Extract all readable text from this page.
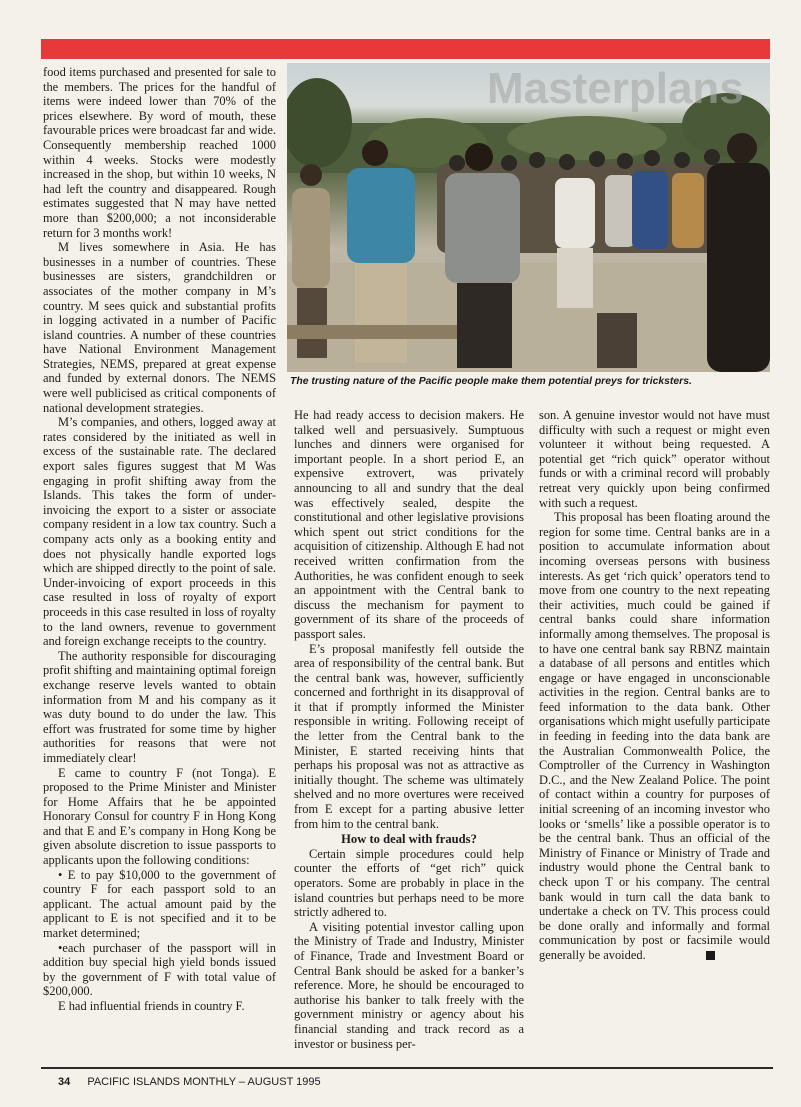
Masterplans
The trusting nature of the Pacific people make them potential preys for tricksters.

food items purchased and presented for sale to the members. The prices for the handful of items were indeed lower than 70% of the prices elsewhere. By word of mouth, these favourable prices were broadcast far and wide. Consequently membership reached 1000 within 4 weeks. Stocks were modestly increased in the shop, but within 10 weeks, N had left the country and disappeared. Rough estimates suggested that N may have netted more than $200,000; a not inconsiderable return for 3 months work!

M lives somewhere in Asia. He has businesses in a number of countries. These businesses are sisters, grandchildren or associates of the mother company in M’s country. M sees quick and substantial profits in logging activated in a number of Pacific island countries. A number of these countries have National Environment Management Strategies, NEMS, prepared at great expense and funded by external donors. The NEMS were well publicised as critical components of national development strategies.

M’s companies, and others, logged away at rates considered by the initiated as well in excess of the sustainable rate. The declared export sales figures suggest that M Was engaging in profit shifting away from the Islands. This takes the form of under-invoicing the export to a sister or associate company resident in a low tax country. Such a company acts only as a booking entity and does not physically handle exported logs which are shipped directly to the point of sale. Under-invoicing of export proceeds in this case resulted in loss of royalty of export proceeds in this case resulted in loss of royalty to the land owners, revenue to government and foreign exchange receipts to the country.

The authority responsible for discouraging profit shifting and maintaining optimal foreign exchange reserve levels wanted to obtain information from M and his company as it was duty bound to do under the law. This effort was frustrated for some time by higher authorities for reasons that were not immediately clear!

E came to country F (not Tonga). E proposed to the Prime Minister and Minister for Home Affairs that he be appointed Honorary Consul for country F in Hong Kong and that E and E’s company in Hong Kong be given absolute discretion to issue passports to applicants upon the following conditions:

• E to pay $10,000 to the government of country F for each passport sold to an applicant. The actual amount paid by the applicant to E is not specified and it to be market determined;

•each purchaser of the passport will in addition buy special high yield bonds issued by the government of F with total value of $200,000.

E had influential friends in country F.

He had ready access to decision makers. He talked well and persuasively. Sumptuous lunches and dinners were organised for important people. In a short period E, an expensive extrovert, was privately announcing to all and sundry that the deal was effectively sealed, despite the constitutional and other legislative provisions which spent out strict conditions for the acquisition of citizenship. Although E had not received written confirmation from the Authorities, he was confident enough to seek an appointment with the Central bank to discuss the mechanism for payment to government of its share of the proceeds of passport sales.

E’s proposal manifestly fell outside the area of responsibility of the central bank. But the central bank was, however, sufficiently concerned and forthright in its disapproval of it that if promptly informed the Minister responsible in writing. Following receipt of the letter from the Central bank to the Minister, E started receiving hints that perhaps his proposal was not as attractive as initially thought. The scheme was ultimately shelved and no more overtures were received from E except for a parting abusive letter from him to the central bank.

How to deal with frauds?

Certain simple procedures could help counter the efforts of “get rich” quick operators. Some are probably in place in the island countries but perhaps need to be more strictly adhered to.

A visiting potential investor calling upon the Ministry of Trade and Industry, Minister of Finance, Trade and Investment Board or Central Bank should be asked for a banker’s reference. More, he should be encouraged to authorise his banker to talk freely with the government ministry or agency about his financial standing and track record as a investor or business per-

son. A genuine investor would not have must difficulty with such a request or might even volunteer it without being requested. A potential get “rich quick” operator without funds or with a criminal record will probably retreat very quickly upon being confirmed with such a request.

This proposal has been floating around the region for some time. Central banks are in a position to accumulate information about incoming overseas persons with business interests. As get ‘rich quick’ operators tend to move from one country to the next repeating their activities, much could be gained if central banks could share information informally among themselves. The proposal is to have one central bank say RBNZ maintain a database of all persons and entitles which engage or have engaged in unconscionable activities in the region. Central banks are to feed information to the data bank. Other organisations which might usefully participate in feeding in feeding into the data bank are the Australian Commonwealth Police, the Comptroller of the Currency in Washington D.C., and the New Zealand Police. The point of contact within a country for purposes of initial screening of an incoming investor who looks or ‘smells’ like a possible operator is to be the central bank. Thus an official of the Ministry of Finance or Ministry of Trade and industry would phone the Central bank to check upon T or his company. The central bank would in turn call the data bank to undertake a check on TV. This process could be done orally and informally and formal communication by post or facsimile would generally be avoided.

34 PACIFIC ISLANDS MONTHLY – AUGUST 1995
